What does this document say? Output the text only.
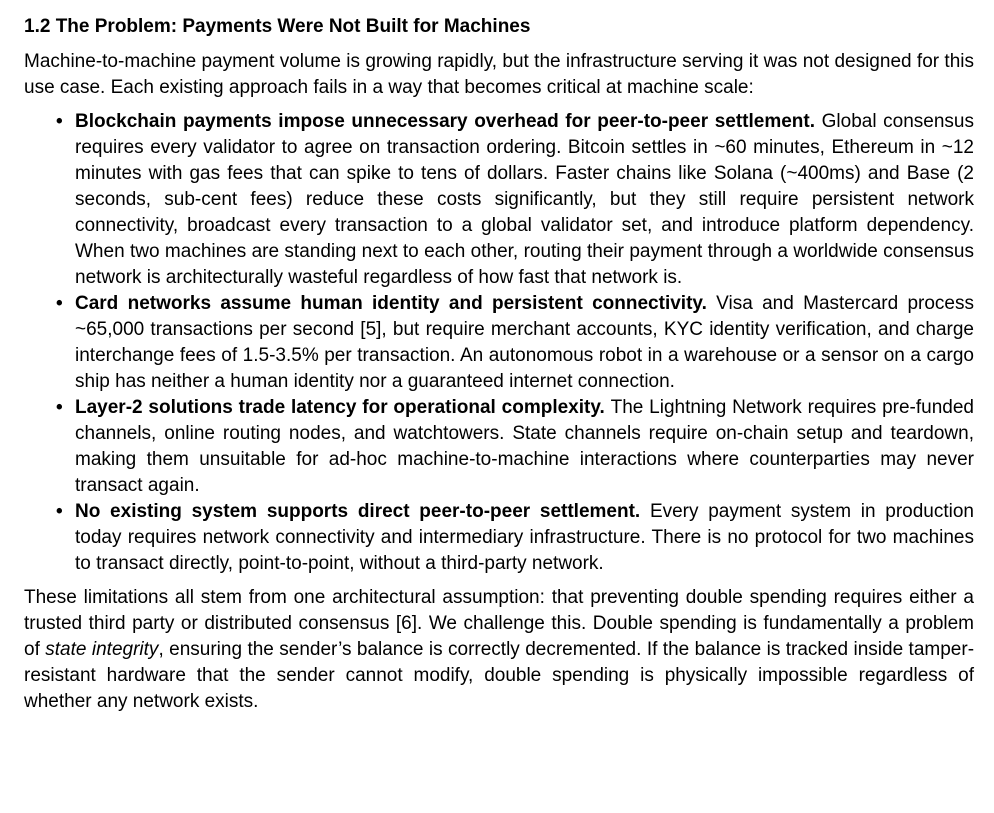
1.2 The Problem: Payments Were Not Built for Machines

Machine-to-machine payment volume is growing rapidly, but the infrastructure serving it was not designed for this use case. Each existing approach fails in a way that becomes critical at machine scale:

• Blockchain payments impose unnecessary overhead for peer-to-peer settlement. Global consensus requires every validator to agree on transaction ordering. Bitcoin settles in ~60 minutes, Ethereum in ~12 minutes with gas fees that can spike to tens of dollars. Faster chains like Solana (~400ms) and Base (2 seconds, sub-cent fees) reduce these costs significantly, but they still require persistent network connectivity, broadcast every transaction to a global validator set, and introduce platform dependency. When two machines are standing next to each other, routing their payment through a worldwide consensus network is architecturally wasteful regardless of how fast that network is.
• Card networks assume human identity and persistent connectivity. Visa and Mastercard process ~65,000 transactions per second [5], but require merchant accounts, KYC identity verification, and charge interchange fees of 1.5-3.5% per transaction. An autonomous robot in a warehouse or a sensor on a cargo ship has neither a human identity nor a guaranteed internet connection.
• Layer-2 solutions trade latency for operational complexity. The Lightning Network requires pre-funded channels, online routing nodes, and watchtowers. State channels require on-chain setup and teardown, making them unsuitable for ad-hoc machine-to-machine interactions where counterparties may never transact again.
• No existing system supports direct peer-to-peer settlement. Every payment system in production today requires network connectivity and intermediary infrastructure. There is no protocol for two machines to transact directly, point-to-point, without a third-party network.

These limitations all stem from one architectural assumption: that preventing double spending requires either a trusted third party or distributed consensus [6]. We challenge this. Double spending is fundamentally a problem of state integrity, ensuring the sender’s balance is correctly decremented. If the balance is tracked inside tamper-resistant hardware that the sender cannot modify, double spending is physically impossible regardless of whether any network exists.
